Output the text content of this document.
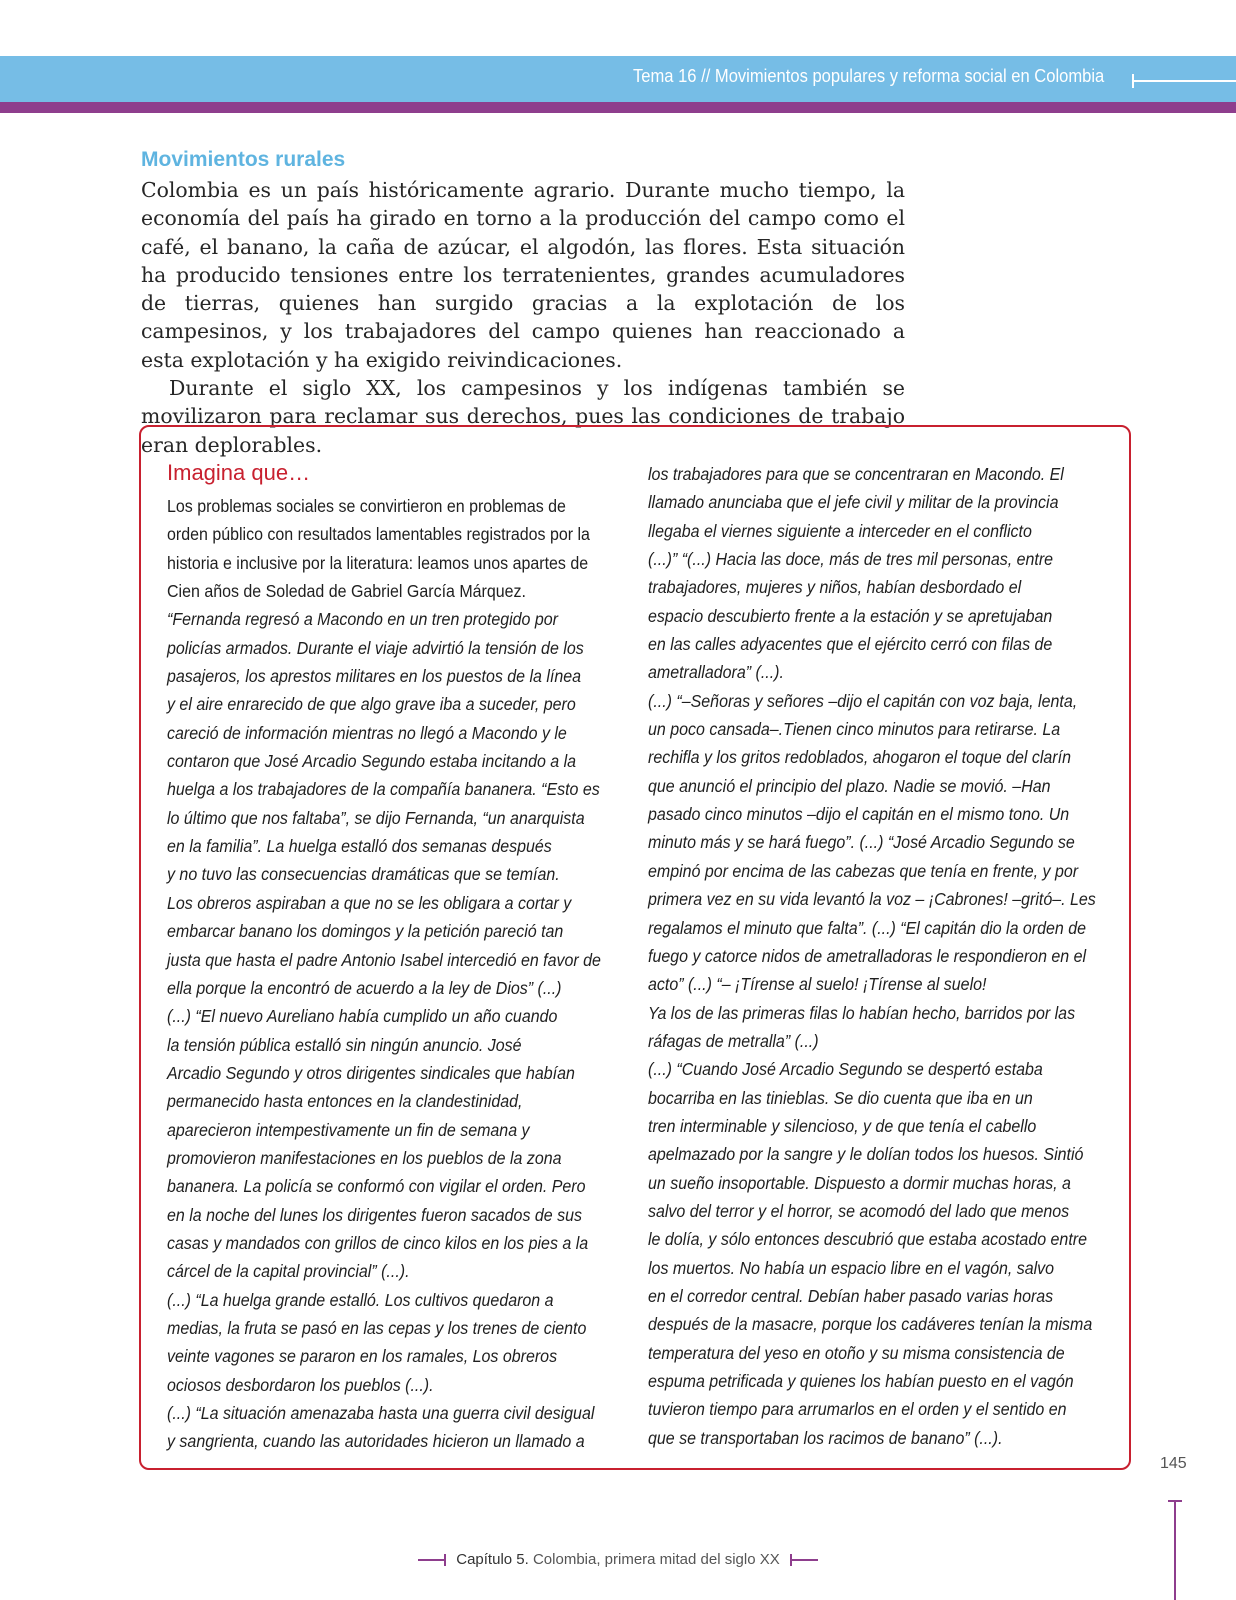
Tema 16 // Movimientos populares y reforma social en Colombia
Movimientos rurales

Colombia es un país históricamente agrario. Durante mucho tiempo, la economía del país ha girado en torno a la producción del campo como el café, el banano, la caña de azúcar, el algodón, las flores. Esta situación ha producido tensiones entre los terratenientes, grandes acumuladores de tierras, quienes han surgido gracias a la explotación de los campesinos, y los trabajadores del campo quienes han reaccionado a esta explotación y ha exigido reivindicaciones.

Durante el siglo XX, los campesinos y los indígenas también se movilizaron para reclamar sus derechos, pues las condiciones de trabajo eran deplorables.

Imagina que…

Los problemas sociales se convirtieron en problemas de

orden público con resultados lamentables registrados por la

historia e inclusive por la literatura: leamos unos apartes de

Cien años de Soledad de Gabriel García Márquez.

“Fernanda regresó a Macondo en un tren protegido por

policías armados. Durante el viaje advirtió la tensión de los

pasajeros, los aprestos militares en los puestos de la línea

y el aire enrarecido de que algo grave iba a suceder, pero

careció de información mientras no llegó a Macondo y le

contaron que José Arcadio Segundo estaba incitando a la

huelga a los trabajadores de la compañía bananera. “Esto es

lo último que nos faltaba”, se dijo Fernanda, “un anarquista

en la familia”. La huelga estalló dos semanas después

y no tuvo las consecuencias dramáticas que se temían.

Los obreros aspiraban a que no se les obligara a cortar y

embarcar banano los domingos y la petición pareció tan

justa que hasta el padre Antonio Isabel intercedió en favor de

ella porque la encontró de acuerdo a la ley de Dios” (...)

(...) “El nuevo Aureliano había cumplido un año cuando

la tensión pública estalló sin ningún anuncio. José

Arcadio Segundo y otros dirigentes sindicales que habían

permanecido hasta entonces en la clandestinidad,

aparecieron intempestivamente un fin de semana y

promovieron manifestaciones en los pueblos de la zona

bananera. La policía se conformó con vigilar el orden. Pero

en la noche del lunes los dirigentes fueron sacados de sus

casas y mandados con grillos de cinco kilos en los pies a la

cárcel de la capital provincial” (...).

(...) “La huelga grande estalló. Los cultivos quedaron a

medias, la fruta se pasó en las cepas y los trenes de ciento

veinte vagones se pararon en los ramales, Los obreros

ociosos desbordaron los pueblos (...).

(...) “La situación amenazaba hasta una guerra civil desigual

y sangrienta, cuando las autoridades hicieron un llamado a

los trabajadores para que se concentraran en Macondo. El

llamado anunciaba que el jefe civil y militar de la provincia

llegaba el viernes siguiente a interceder en el conflicto

(...)” “(...) Hacia las doce, más de tres mil personas, entre

trabajadores, mujeres y niños, habían desbordado el

espacio descubierto frente a la estación y se apretujaban

en las calles adyacentes que el ejército cerró con filas de

ametralladora” (...).

(...) “–Señoras y señores –dijo el capitán con voz baja, lenta,

un poco cansada–.Tienen cinco minutos para retirarse. La

rechifla y los gritos redoblados, ahogaron el toque del clarín

que anunció el principio del plazo. Nadie se movió. –Han

pasado cinco minutos –dijo el capitán en el mismo tono. Un

minuto más y se hará fuego”. (...) “José Arcadio Segundo se

empinó por encima de las cabezas que tenía en frente, y por

primera vez en su vida levantó la voz – ¡Cabrones! –gritó–. Les

regalamos el minuto que falta”. (...) “El capitán dio la orden de

fuego y catorce nidos de ametralladoras le respondieron en el

acto” (...) “– ¡Tírense al suelo! ¡Tírense al suelo!

Ya los de las primeras filas lo habían hecho, barridos por las

ráfagas de metralla” (...)

(...) “Cuando José Arcadio Segundo se despertó estaba

bocarriba en las tinieblas. Se dio cuenta que iba en un

tren interminable y silencioso, y de que tenía el cabello

apelmazado por la sangre y le dolían todos los huesos. Sintió

un sueño insoportable. Dispuesto a dormir muchas horas, a

salvo del terror y el horror, se acomodó del lado que menos

le dolía, y sólo entonces descubrió que estaba acostado entre

los muertos. No había un espacio libre en el vagón, salvo

en el corredor central. Debían haber pasado varias horas

después de la masacre, porque los cadáveres tenían la misma

temperatura del yeso en otoño y su misma consistencia de

espuma petrificada y quienes los habían puesto en el vagón

tuvieron tiempo para arrumarlos en el orden y el sentido en

que se transportaban los racimos de banano” (...).

145
Capítulo 5. Colombia, primera mitad del siglo XX
